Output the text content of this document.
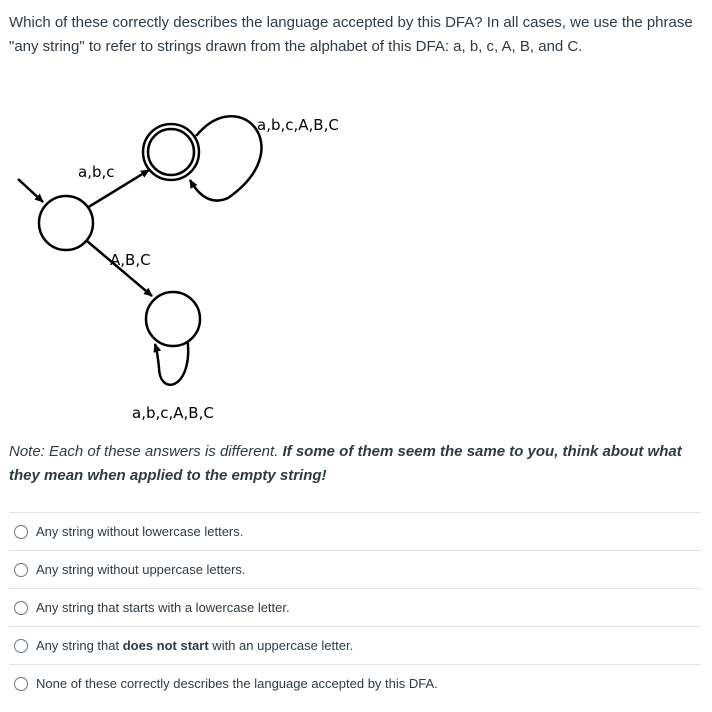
Which of these correctly describes the language accepted by this DFA? In all cases, we use the phrase "any string" to refer to strings drawn from the alphabet of this DFA: a, b, c, A, B, and C.

a,b,c,A,B,C
a,b,c
A,B,C
a,b,c,A,B,C

Note: Each of these answers is different. If some of them seem the same to you, think about what they mean when applied to the empty string!

Any string without lowercase letters.
Any string without uppercase letters.
Any string that starts with a lowercase letter.
Any string that does not start with an uppercase letter.
None of these correctly describes the language accepted by this DFA.
